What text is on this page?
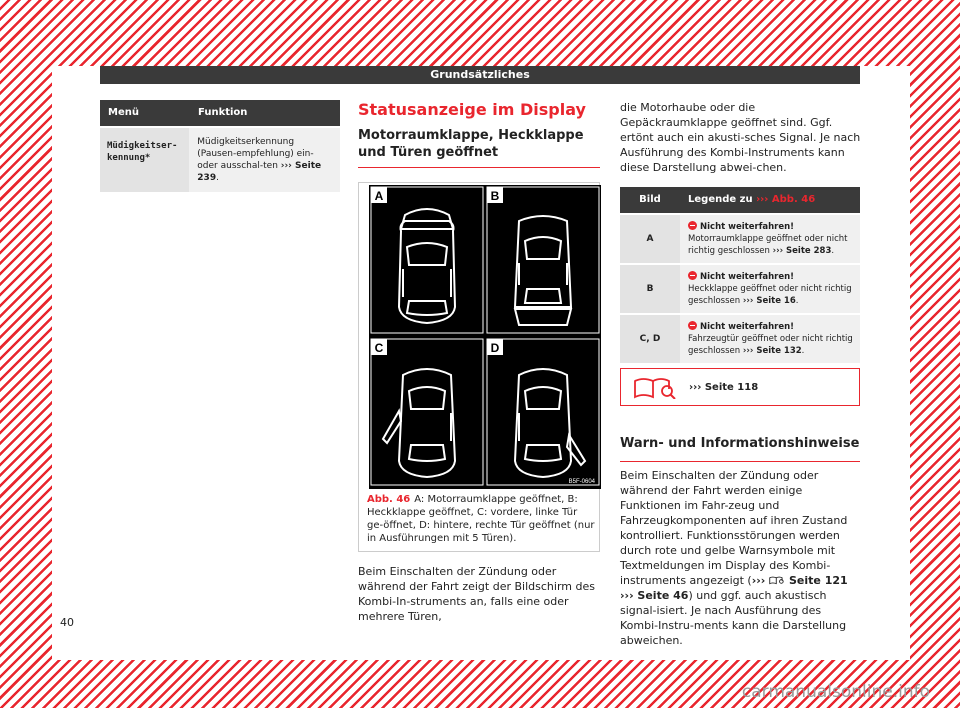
Grundsätzliches
Menü	Funktion
Müdigkeitser-kennung*
Müdigkeitserkennung (Pausen-empfehlung) ein- oder ausschal-ten ››› Seite 239.
Statusanzeige im Display
Motorraumklappe, Heckklappe und Türen geöffnet
A	B
C	D
B5F-0604
Abb. 46 A: Motorraumklappe geöffnet, B: Heckklappe geöffnet, C: vordere, linke Tür ge-öffnet, D: hintere, rechte Tür geöffnet (nur in Ausführungen mit 5 Türen).
Beim Einschalten der Zündung oder während der Fahrt zeigt der Bildschirm des Kombi-In-struments an, falls eine oder mehrere Türen,
die Motorhaube oder die Gepäckraumklappe geöffnet sind. Ggf. ertönt auch ein akusti-sches Signal. Je nach Ausführung des Kombi-Instruments kann diese Darstellung abwei-chen.
Bild	Legende zu ››› Abb. 46
A
Nicht weiterfahren!
Motorraumklappe geöffnet oder nicht richtig geschlossen ››› Seite 283.
B
Nicht weiterfahren!
Heckklappe geöffnet oder nicht richtig geschlossen ››› Seite 16.
C, D
Nicht weiterfahren!
Fahrzeugtür geöffnet oder nicht richtig geschlossen ››› Seite 132.
››› Seite 118
Warn- und Informationshinweise
Beim Einschalten der Zündung oder während der Fahrt werden einige Funktionen im Fahr-zeug und Fahrzeugkomponenten auf ihren Zustand kontrolliert. Funktionsstörungen werden durch rote und gelbe Warnsymbole mit Textmeldungen im Display des Kombi-instruments angezeigt (›››  Seite 121
››› Seite 46) und ggf. auch akustisch signal-isiert. Je nach Ausführung des Kombi-Instru-ments kann die Darstellung abweichen.
40
carmanualsonline.info
